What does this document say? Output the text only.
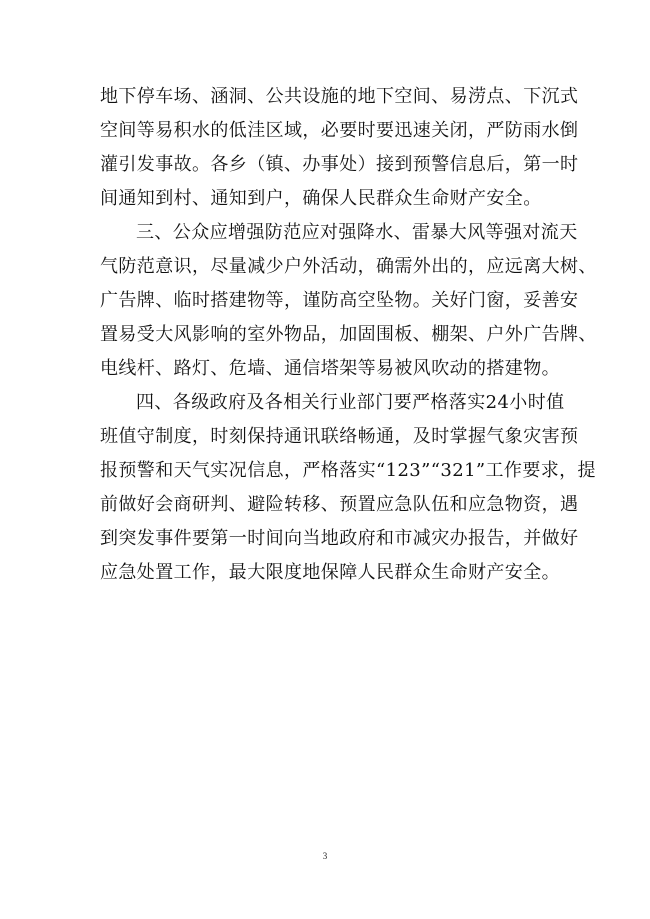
地下停车场、涵洞、公共设施的地下空间、易涝点、下沉式
空间等易积水的低洼区域，必要时要迅速关闭，严防雨水倒
灌引发事故。各乡（镇、办事处）接到预警信息后，第一时
间通知到村、通知到户，确保人民群众生命财产安全。
三、公众应增强防范应对强降水、雷暴大风等强对流天
气防范意识，尽量减少户外活动，确需外出的，应远离大树、
广告牌、临时搭建物等，谨防高空坠物。关好门窗，妥善安
置易受大风影响的室外物品，加固围板、棚架、户外广告牌、
电线杆、路灯、危墙、通信塔架等易被风吹动的搭建物。
四、各级政府及各相关行业部门要严格落实24小时值
班值守制度，时刻保持通讯联络畅通，及时掌握气象灾害预
报预警和天气实况信息，严格落实“123”“321”工作要求，提
前做好会商研判、避险转移、预置应急队伍和应急物资，遇
到突发事件要第一时间向当地政府和市减灾办报告，并做好
应急处置工作，最大限度地保障人民群众生命财产安全。
3
